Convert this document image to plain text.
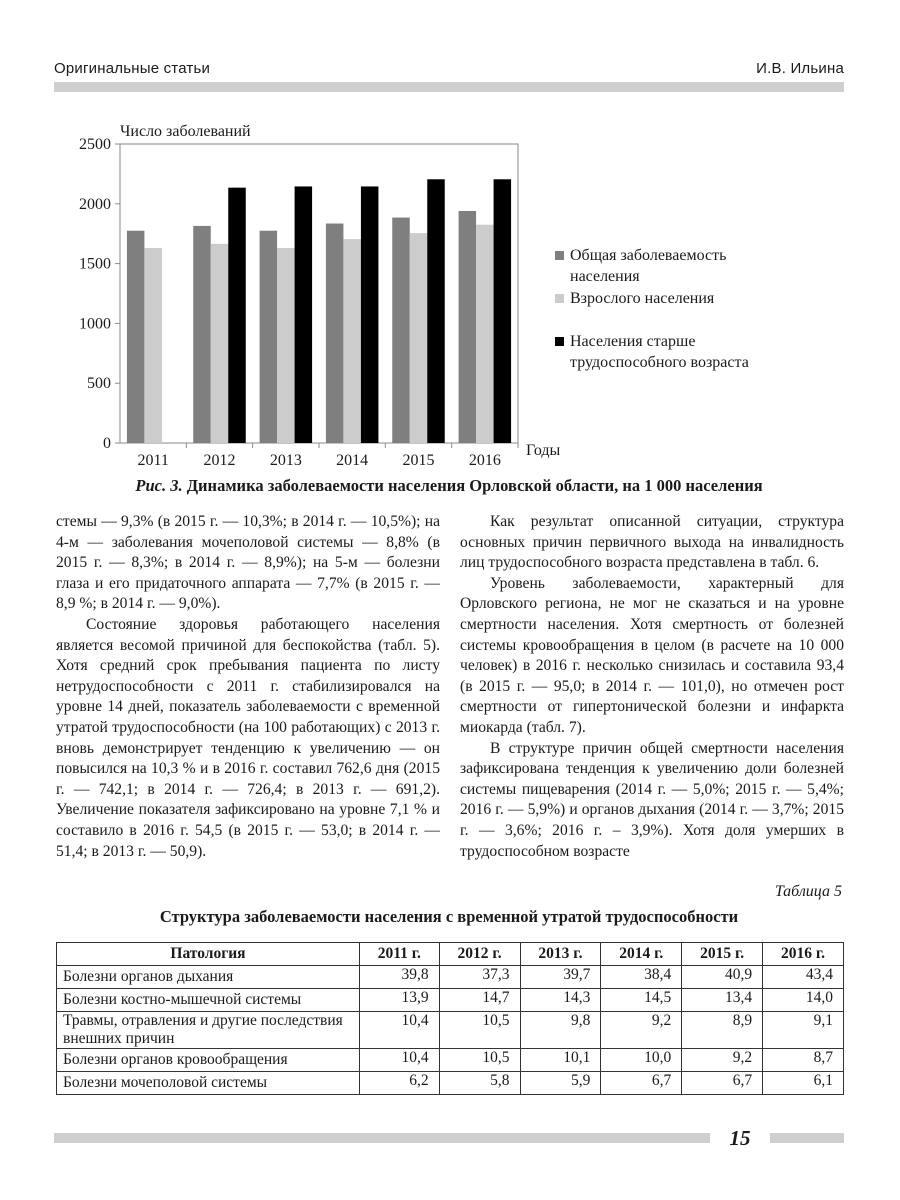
Оригинальные статьи	И.В. Ильина
0
500
1000
1500
2000
2500
Число заболеваний
Годы
2011 2012 2013 2014 2015 2016
Общая заболеваемость
населения
Взрослого населения
Населения старше
трудоспособного возраста
Рис. 3. Динамика заболеваемости населения Орловской области, на 1 000 населения

стемы — 9,3% (в 2015 г. — 10,3%; в 2014 г. — 10,5%); на 4-м — заболевания мочеполовой системы — 8,8% (в 2015 г. — 8,3%; в 2014 г. — 8,9%); на 5-м — болезни глаза и его придаточного аппарата — 7,7% (в 2015 г. — 8,9 %; в 2014 г. — 9,0%).

Состояние здоровья работающего населения является весомой причиной для беспокойства (табл. 5). Хотя средний срок пребывания пациента по листу нетрудоспособности с 2011 г. стабилизировался на уровне 14 дней, показатель заболеваемости с временной утратой трудоспособности (на 100 работающих) с 2013 г. вновь демонстрирует тенденцию к увеличению — он повысился на 10,3 % и в 2016 г. составил 762,6 дня (2015 г. — 742,1; в 2014 г. — 726,4; в 2013 г. — 691,2). Увеличение показателя зафиксировано на уровне 7,1 % и составило в 2016 г. 54,5 (в 2015 г. — 53,0; в 2014 г. — 51,4; в 2013 г. — 50,9).

Как результат описанной ситуации, структура основных причин первичного выхода на инвалидность лиц трудоспособного возраста представлена в табл. 6.

Уровень заболеваемости, характерный для Орловского региона, не мог не сказаться и на уровне смертности населения. Хотя смертность от болезней системы кровообращения в целом (в расчете на 10 000 человек) в 2016 г. несколько снизилась и составила 93,4 (в 2015 г. — 95,0; в 2014 г. — 101,0), но отмечен рост смертности от гипертонической болезни и инфаркта миокарда (табл. 7).

В структуре причин общей смертности населения зафиксирована тенденция к увеличению доли болезней системы пищеварения (2014 г. — 5,0%; 2015 г. — 5,4%; 2016 г. — 5,9%) и органов дыхания (2014 г. — 3,7%; 2015 г. — 3,6%; 2016 г. – 3,9%). Хотя доля умерших в трудоспособном возрасте

Таблица 5
Структура заболеваемости населения с временной утратой трудоспособности
Патология	2011 г.	2012 г.	2013 г.	2014 г.	2015 г.	2016 г.
Болезни органов дыхания	39,8	37,3	39,7	38,4	40,9	43,4
Болезни костно-мышечной системы	13,9	14,7	14,3	14,5	13,4	14,0
Травмы, отравления и другие последствия внешних причин	10,4	10,5	9,8	9,2	8,9	9,1
Болезни органов кровообращения	10,4	10,5	10,1	10,0	9,2	8,7
Болезни мочеполовой системы	6,2	5,8	5,9	6,7	6,7	6,1
15
